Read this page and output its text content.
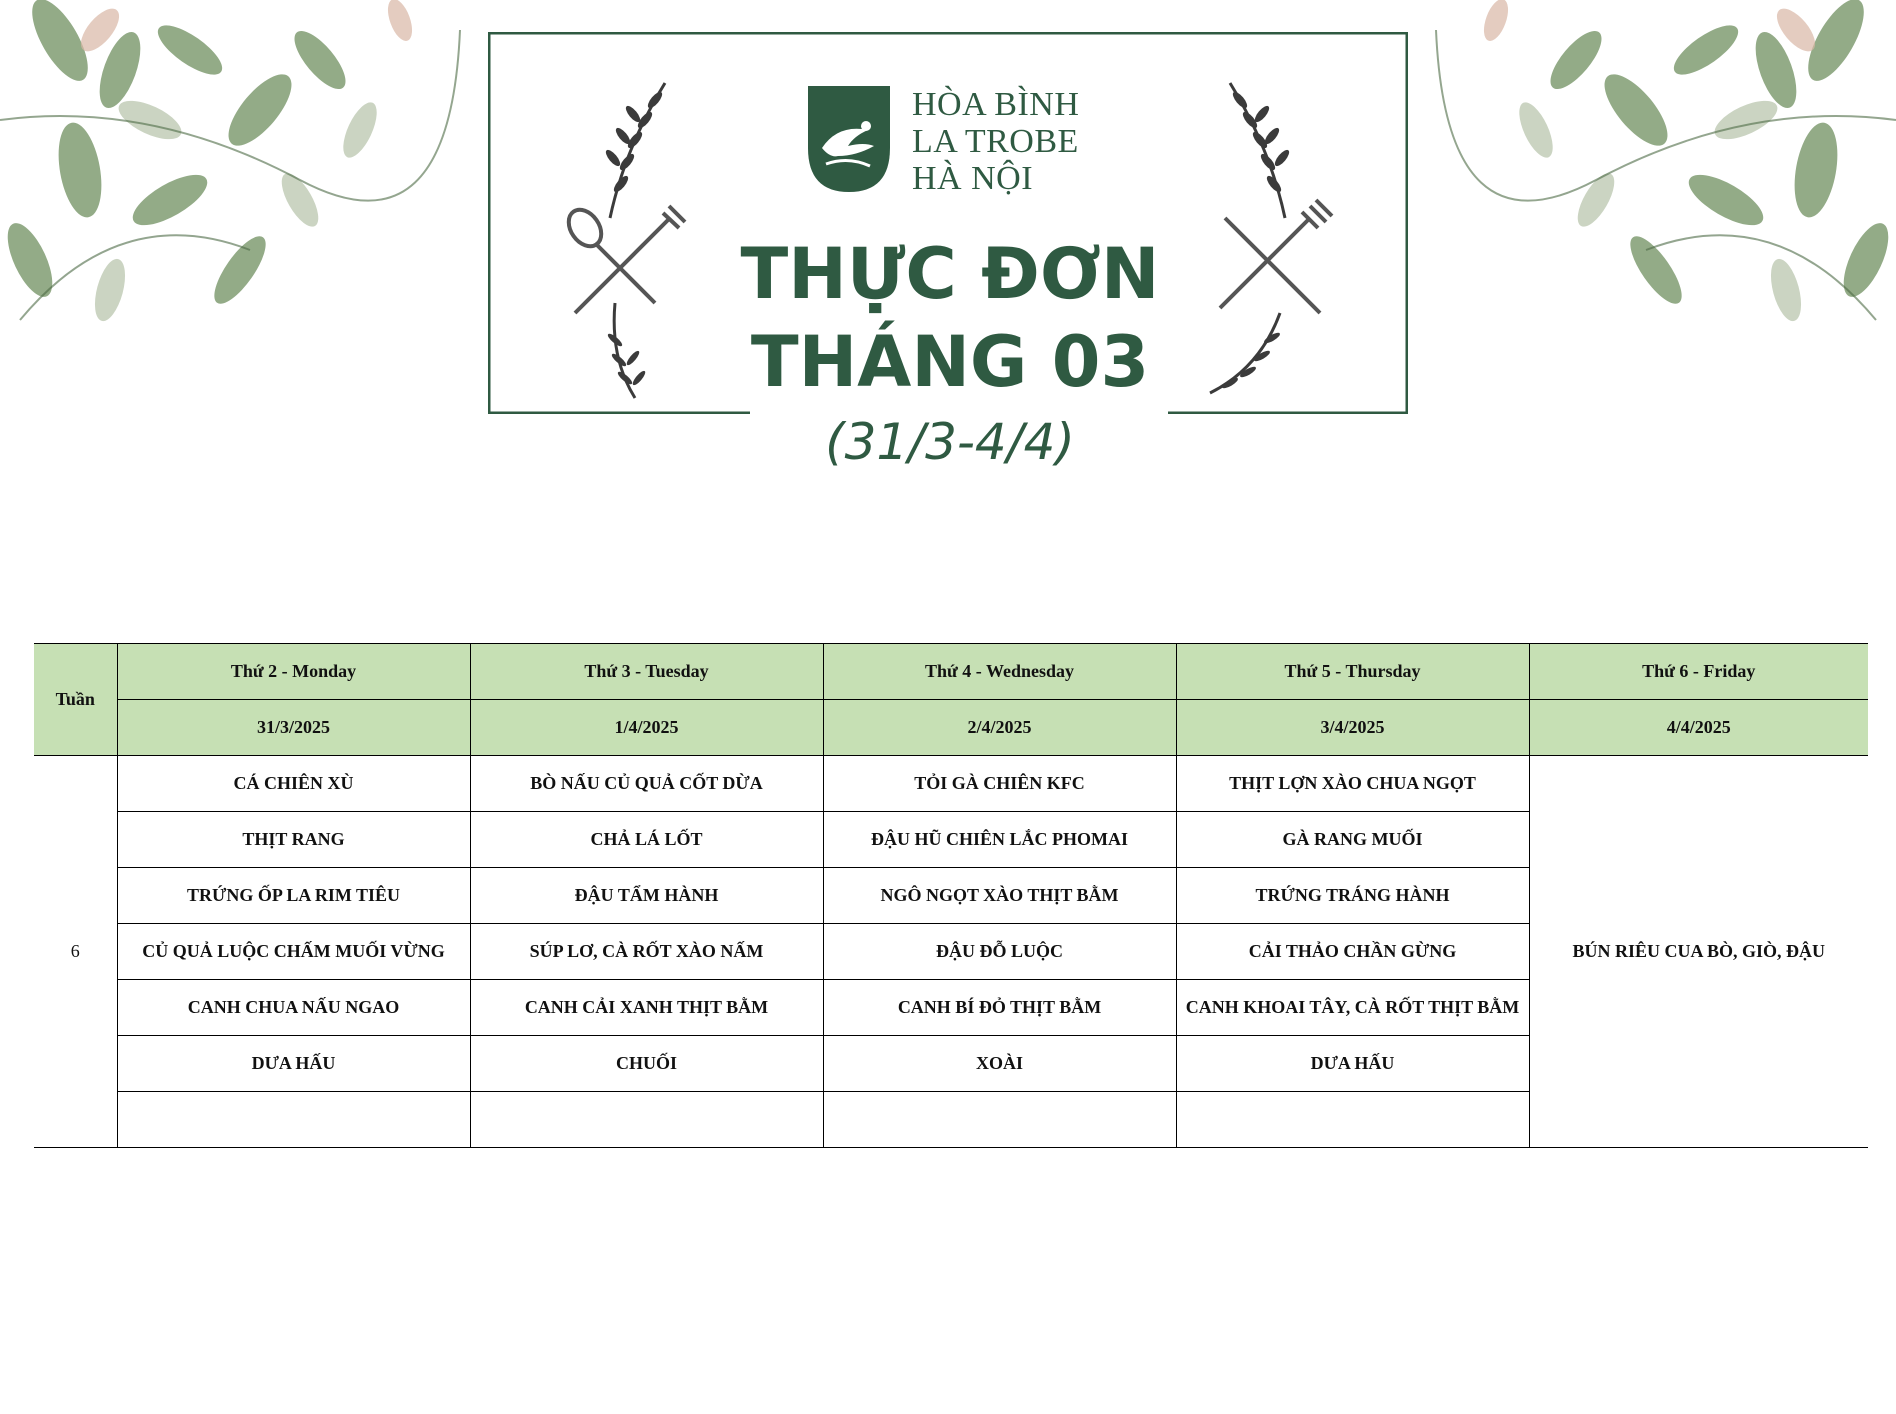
HÒA BÌNH
LA TROBE
HÀ NỘI
THỰC ĐƠN
THÁNG 03
(31/3-4/4)
Tuần	Thứ 2 - Monday	Thứ 3 - Tuesday	Thứ 4 - Wednesday	Thứ 5 - Thursday	Thứ 6 - Friday
	31/3/2025	1/4/2025	2/4/2025	3/4/2025	4/4/2025
6	CÁ CHIÊN XÙ	BÒ NẤU CỦ QUẢ CỐT DỪA	TỎI GÀ CHIÊN KFC	THỊT LỢN XÀO CHUA NGỌT	BÚN RIÊU CUA BÒ, GIÒ, ĐẬU
	THỊT RANG	CHẢ LÁ LỐT	ĐẬU HŨ CHIÊN LẮC PHOMAI	GÀ RANG MUỐI	
	TRỨNG ỐP LA RIM TIÊU	ĐẬU TẨM HÀNH	NGÔ NGỌT XÀO THỊT BẰM	TRỨNG TRÁNG HÀNH	
	CỦ QUẢ LUỘC CHẤM MUỐI VỪNG	SÚP LƠ, CÀ RỐT XÀO NẤM	ĐẬU ĐỖ LUỘC	CẢI THẢO CHẦN GỪNG	
	CANH CHUA NẤU NGAO	CANH CẢI XANH THỊT BẰM	CANH BÍ ĐỎ THỊT BẰM	CANH KHOAI TÂY, CÀ RỐT THỊT BẰM	
	DƯA HẤU	CHUỐI	XOÀI	DƯA HẤU	
